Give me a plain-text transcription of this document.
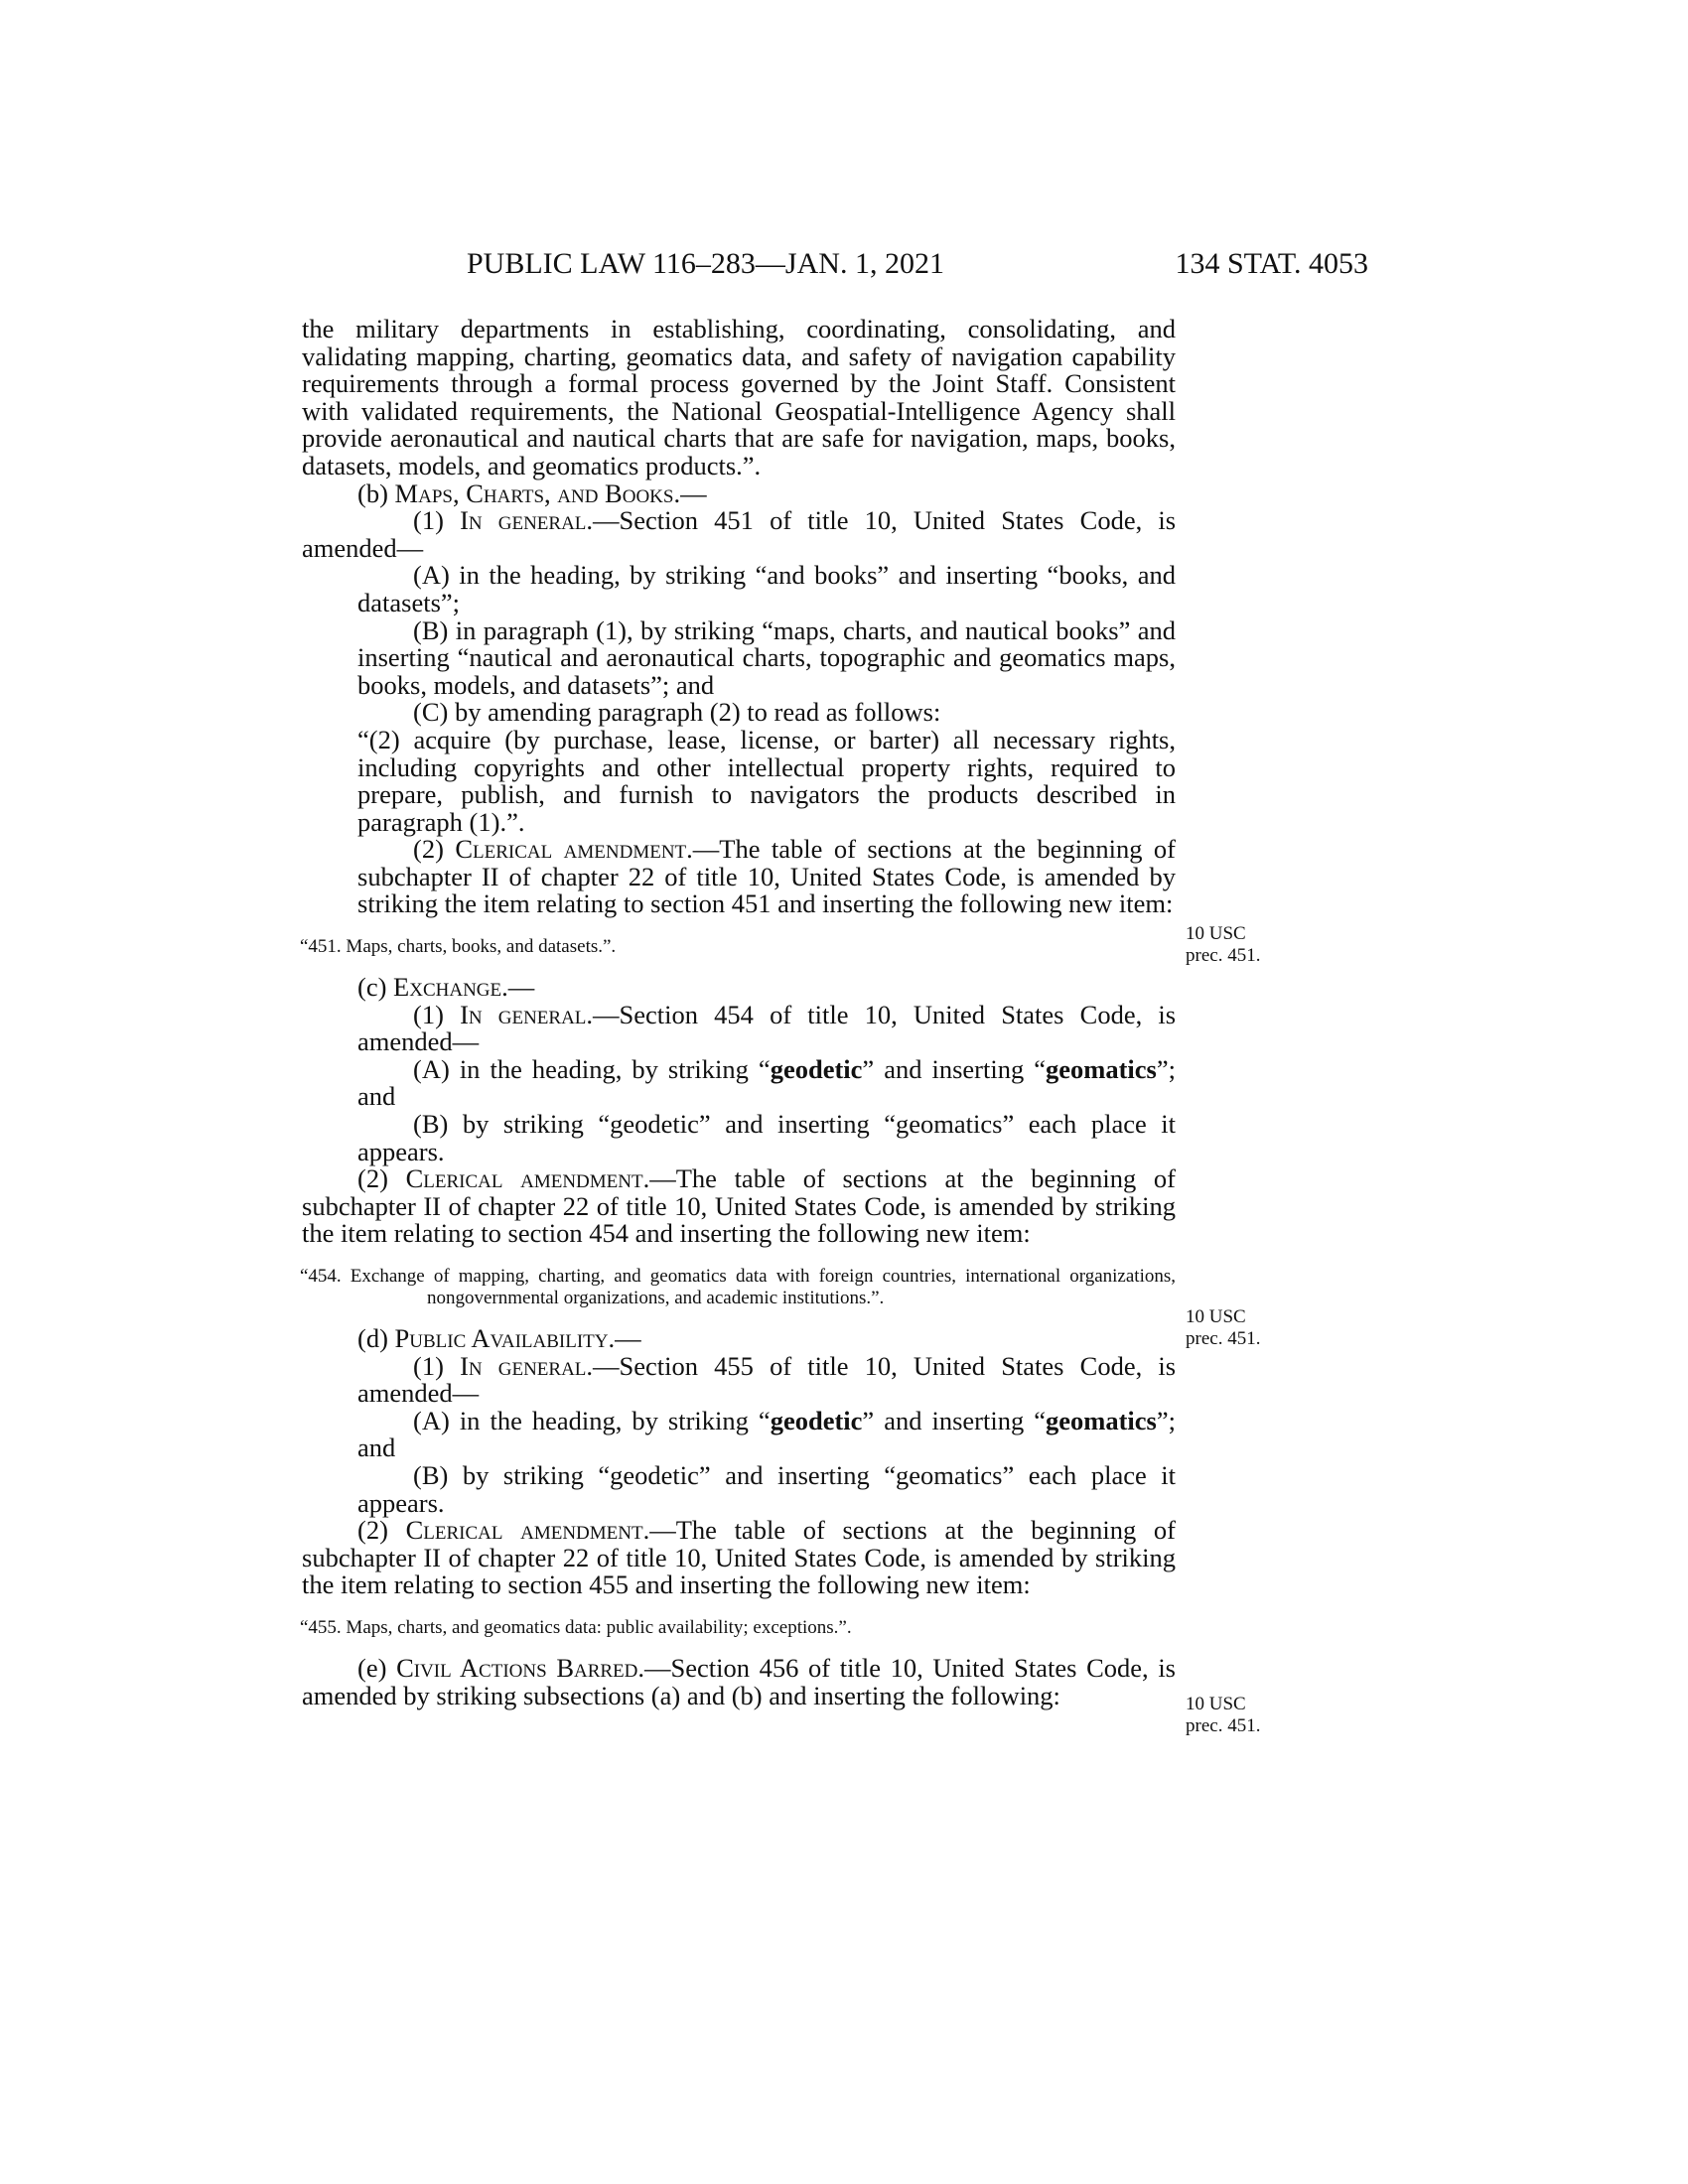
PUBLIC LAW 116–283—JAN. 1, 2021	134 STAT. 4053

the military departments in establishing, coordinating, consolidating, and validating mapping, charting, geomatics data, and safety of navigation capability requirements through a formal process governed by the Joint Staff. Consistent with validated requirements, the National Geospatial-Intelligence Agency shall provide aeronautical and nautical charts that are safe for navigation, maps, books, datasets, models, and geomatics products.”.

(b) Maps, Charts, and Books.—

(1) In general.—Section 451 of title 10, United States Code, is amended—

(A) in the heading, by striking “and books” and inserting “books, and datasets”;

(B) in paragraph (1), by striking “maps, charts, and nautical books” and inserting “nautical and aeronautical charts, topographic and geomatics maps, books, models, and datasets”; and

(C) by amending paragraph (2) to read as follows:

“(2) acquire (by purchase, lease, license, or barter) all necessary rights, including copyrights and other intellectual property rights, required to prepare, publish, and furnish to navigators the products described in paragraph (1).”.

(2) Clerical amendment.—The table of sections at the beginning of subchapter II of chapter 22 of title 10, United States Code, is amended by striking the item relating to section 451 and inserting the following new item:

“451. Maps, charts, books, and datasets.”.

(c) Exchange.—

(1) In general.—Section 454 of title 10, United States Code, is amended—

(A) in the heading, by striking “geodetic” and inserting “geomatics”; and

(B) by striking “geodetic” and inserting “geomatics” each place it appears.

(2) Clerical amendment.—The table of sections at the beginning of subchapter II of chapter 22 of title 10, United States Code, is amended by striking the item relating to section 454 and inserting the following new item:

“454. Exchange of mapping, charting, and geomatics data with foreign countries, international organizations, nongovernmental organizations, and academic institutions.”.

(d) Public Availability.—

(1) In general.—Section 455 of title 10, United States Code, is amended—

(A) in the heading, by striking “geodetic” and inserting “geomatics”; and

(B) by striking “geodetic” and inserting “geomatics” each place it appears.

(2) Clerical amendment.—The table of sections at the beginning of subchapter II of chapter 22 of title 10, United States Code, is amended by striking the item relating to section 455 and inserting the following new item:

“455. Maps, charts, and geomatics data: public availability; exceptions.”.

(e) Civil Actions Barred.—Section 456 of title 10, United States Code, is amended by striking subsections (a) and (b) and inserting the following:

10 USC
prec. 451.
10 USC
prec. 451.
10 USC
prec. 451.
